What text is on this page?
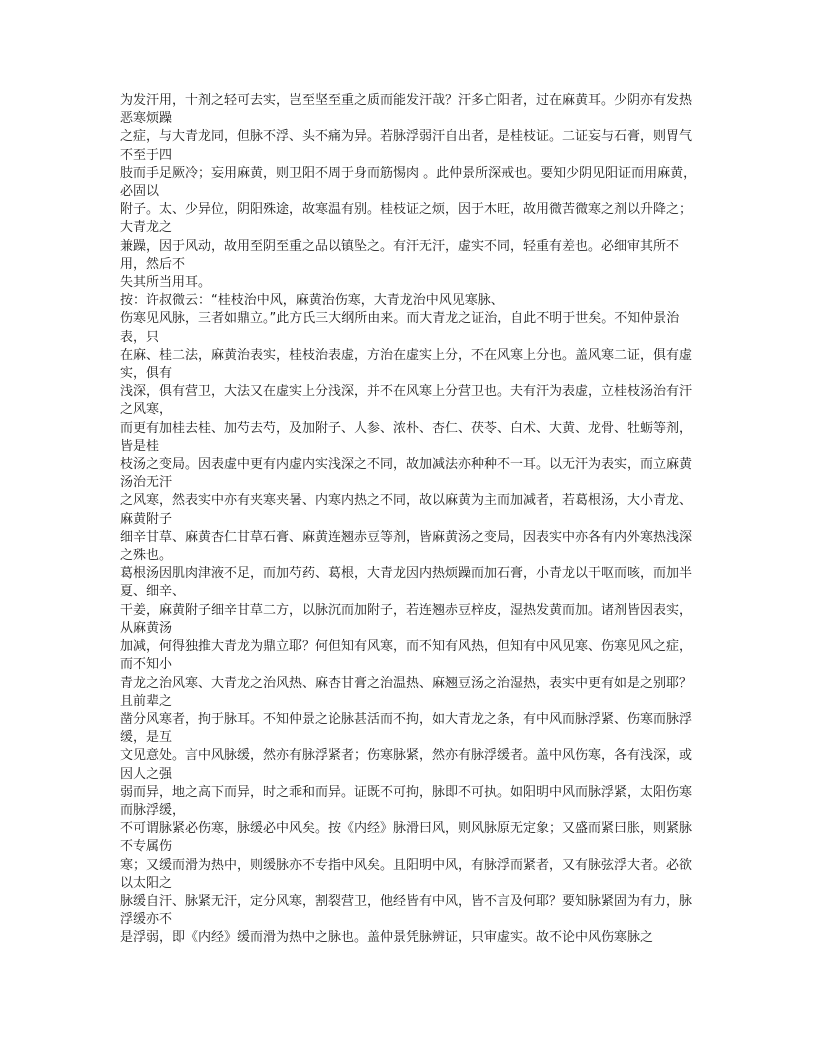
为发汗用，十剂之轻可去实，岂至坚至重之质而能发汗哉？汗多亡阳者，过在麻黄耳。少阴亦有发热恶寒烦躁
之症，与大青龙同，但脉不浮、头不痛为异。若脉浮弱汗自出者，是桂枝证。二证妄与石膏，则胃气不至于四
肢而手足厥冷；妄用麻黄，则卫阳不周于身而筋惕肉 。此仲景所深戒也。要知少阴见阳证而用麻黄，必固以
附子。太、少异位，阴阳殊途，故寒温有别。桂枝证之烦，因于木旺，故用微苦微寒之剂以升降之；大青龙之
兼躁，因于风动，故用至阴至重之品以镇坠之。有汗无汗，虚实不同，轻重有差也。必细审其所不用，然后不
失其所当用耳。
按：许叔微云：“桂枝治中风，麻黄治伤寒，大青龙治中风见寒脉、
伤寒见风脉，三者如鼎立。”此方氏三大纲所由来。而大青龙之证治，自此不明于世矣。不知仲景治表，只
在麻、桂二法，麻黄治表实，桂枝治表虚，方治在虚实上分，不在风寒上分也。盖风寒二证，俱有虚实，俱有
浅深，俱有营卫，大法又在虚实上分浅深，并不在风寒上分营卫也。夫有汗为表虚，立桂枝汤治有汗之风寒，
而更有加桂去桂、加芍去芍，及加附子、人参、浓朴、杏仁、茯苓、白术、大黄、龙骨、牡蛎等剂，皆是桂
枝汤之变局。因表虚中更有内虚内实浅深之不同，故加减法亦种种不一耳。以无汗为表实，而立麻黄汤治无汗
之风寒，然表实中亦有夹寒夹暑、内寒内热之不同，故以麻黄为主而加减者，若葛根汤，大小青龙、麻黄附子
细辛甘草、麻黄杏仁甘草石膏、麻黄连翘赤豆等剂，皆麻黄汤之变局，因表实中亦各有内外寒热浅深之殊也。
葛根汤因肌肉津液不足，而加芍药、葛根，大青龙因内热烦躁而加石膏，小青龙以干呕而咳，而加半夏、细辛、
干姜，麻黄附子细辛甘草二方，以脉沉而加附子，若连翘赤豆梓皮，湿热发黄而加。诸剂皆因表实，从麻黄汤
加减，何得独推大青龙为鼎立耶？何但知有风寒，而不知有风热，但知有中风见寒、伤寒见风之症，而不知小
青龙之治风寒、大青龙之治风热、麻杏甘膏之治温热、麻翘豆汤之治湿热，表实中更有如是之别耶？且前辈之
凿分风寒者，拘于脉耳。不知仲景之论脉甚活而不拘，如大青龙之条，有中风而脉浮紧、伤寒而脉浮缓，是互
文见意处。言中风脉缓，然亦有脉浮紧者；伤寒脉紧，然亦有脉浮缓者。盖中风伤寒，各有浅深，或因人之强
弱而异，地之高下而异，时之乖和而异。证既不可拘，脉即不可执。如阳明中风而脉浮紧，太阳伤寒而脉浮缓，
不可谓脉紧必伤寒，脉缓必中风矣。按《内经》脉滑曰风，则风脉原无定象；又盛而紧曰胀，则紧脉不专属伤
寒；又缓而滑为热中，则缓脉亦不专指中风矣。且阳明中风，有脉浮而紧者，又有脉弦浮大者。必欲以太阳之
脉缓自汗、脉紧无汗，定分风寒，割裂营卫，他经皆有中风，皆不言及何耶？要知脉紧固为有力，脉浮缓亦不
是浮弱，即《内经》缓而滑为热中之脉也。盖仲景凭脉辨证，只审虚实。故不论中风伤寒脉之
